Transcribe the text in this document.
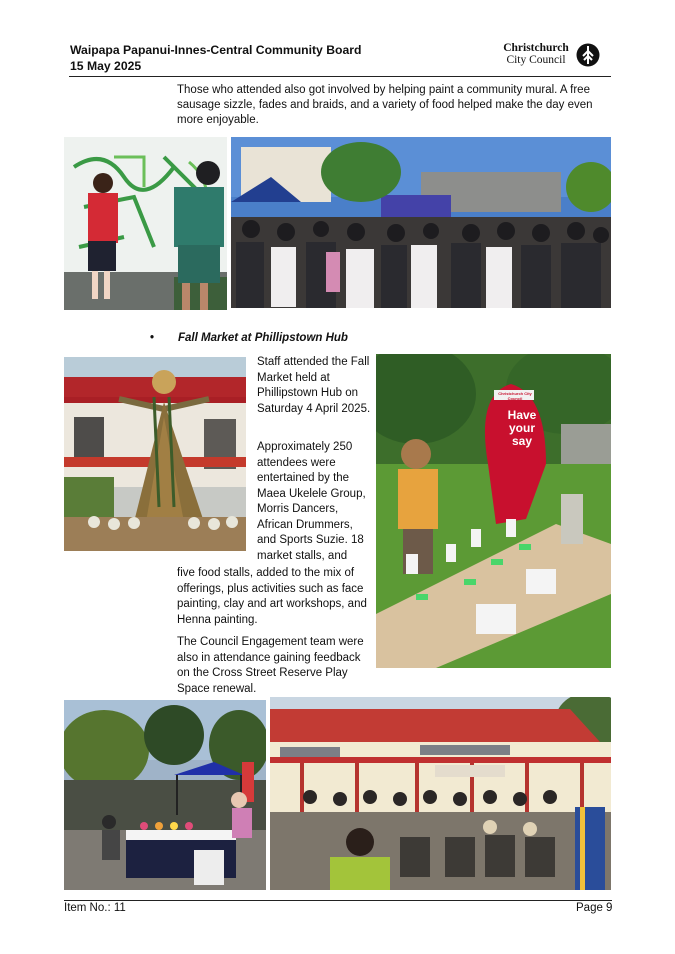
Waipapa Papanui-Innes-Central Community Board
15 May 2025
Christchurch
City Council
Those who attended also got involved by helping paint a community mural. A free sausage sizzle, fades and braids, and a variety of food helped make the day even more enjoyable.
• Fall Market at Phillipstown Hub
Staff attended the Fall Market held at Phillipstown Hub on Saturday 4 April 2025.
Approximately 250 attendees were entertained by the Maea Ukelele Group, Morris Dancers, African Drummers, and Sports Suzie. 18 market stalls, and
five food stalls, added to the mix of offerings, plus activities such as face painting, clay and art workshops, and Henna painting.
The Council Engagement team were also in attendance gaining feedback on the Cross Street Reserve Play Space renewal.
Have your say
Christchurch City Council
Item No.: 11	Page 9
